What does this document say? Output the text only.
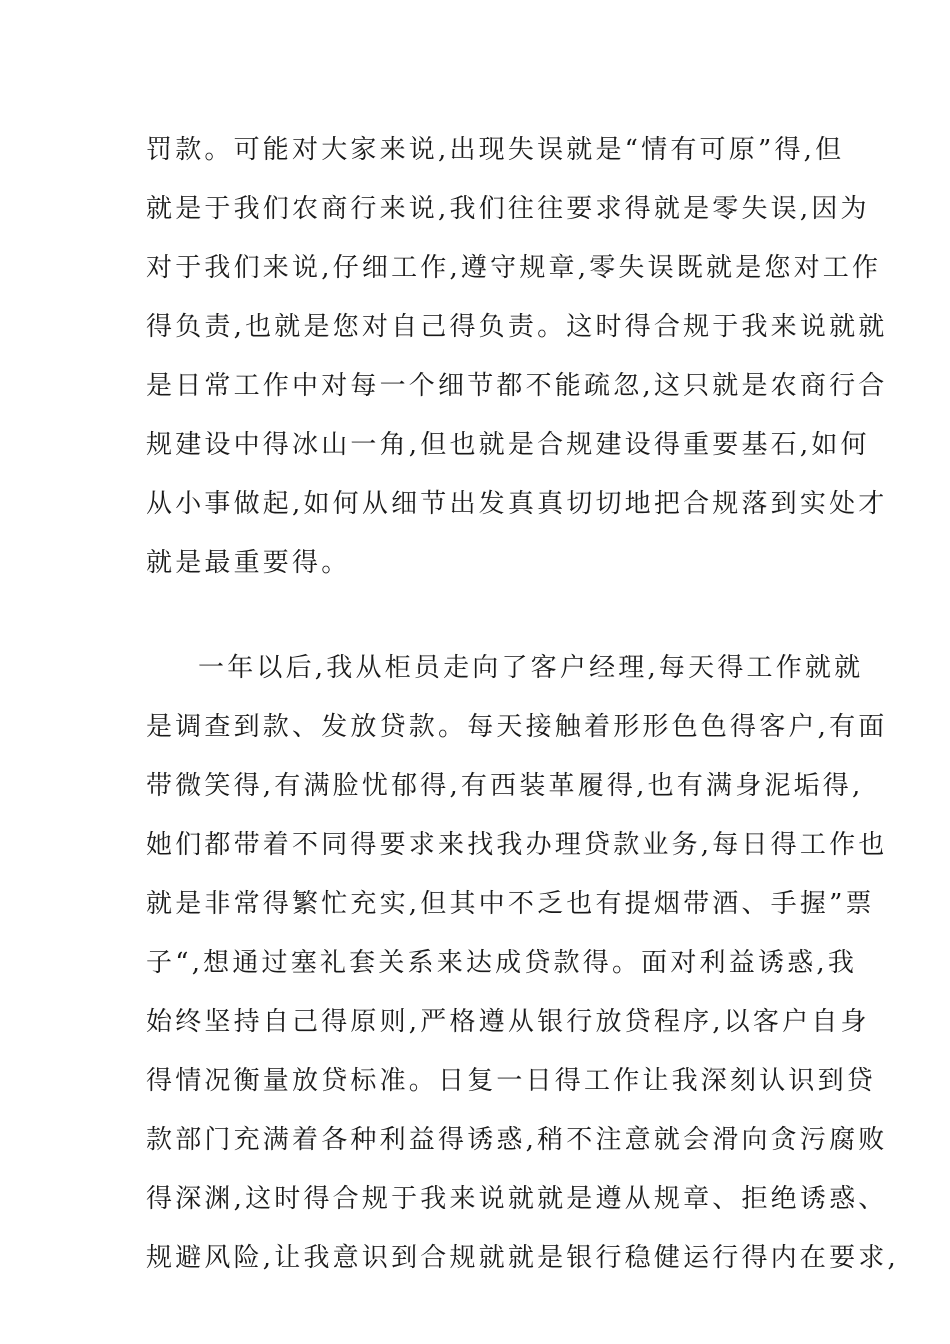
罚款。可能对大家来说,出现失误就是“情有可原”得,但
就是于我们农商行来说,我们往往要求得就是零失误,因为
对于我们来说,仔细工作,遵守规章,零失误既就是您对工作
得负责,也就是您对自己得负责。这时得合规于我来说就就
是日常工作中对每一个细节都不能疏忽,这只就是农商行合
规建设中得冰山一角,但也就是合规建设得重要基石,如何
从小事做起,如何从细节出发真真切切地把合规落到实处才
就是最重要得。
一年以后,我从柜员走向了客户经理,每天得工作就就
是调查到款、发放贷款。每天接触着形形色色得客户,有面
带微笑得,有满脸忧郁得,有西装革履得,也有满身泥垢得,
她们都带着不同得要求来找我办理贷款业务,每日得工作也
就是非常得繁忙充实,但其中不乏也有提烟带酒、手握”票
子“,想通过塞礼套关系来达成贷款得。面对利益诱惑,我
始终坚持自己得原则,严格遵从银行放贷程序,以客户自身
得情况衡量放贷标准。日复一日得工作让我深刻认识到贷
款部门充满着各种利益得诱惑,稍不注意就会滑向贪污腐败
得深渊,这时得合规于我来说就就是遵从规章、拒绝诱惑、
规避风险,让我意识到合规就就是银行稳健运行得内在要求,
